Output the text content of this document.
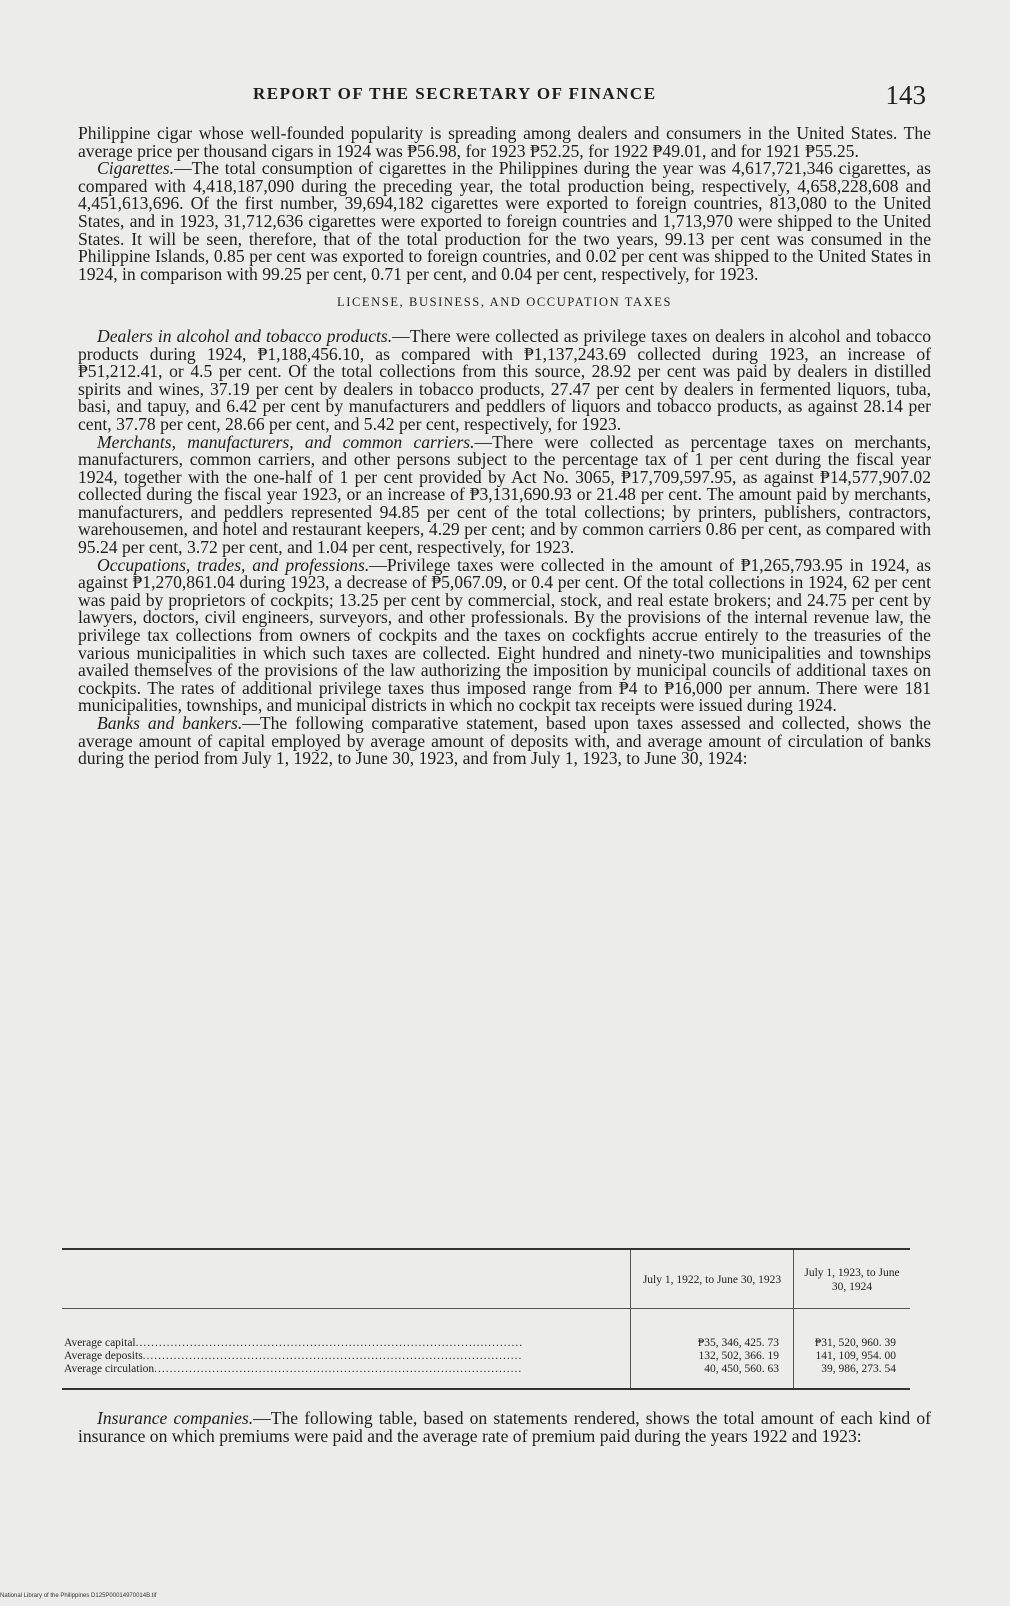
REPORT OF THE SECRETARY OF FINANCE	143

Philippine cigar whose well-founded popularity is spreading among dealers and consumers in the United States. The average price per thousand cigars in 1924 was ₱56.98, for 1923 ₱52.25, for 1922 ₱49.01, and for 1921 ₱55.25.

Cigarettes.—The total consumption of cigarettes in the Philippines during the year was 4,617,721,346 cigarettes, as compared with 4,418,187,090 during the preceding year, the total production being, respectively, 4,658,228,608 and 4,451,613,696. Of the first number, 39,694,182 cigarettes were exported to foreign countries, 813,080 to the United States, and in 1923, 31,712,636 cigarettes were exported to foreign countries and 1,713,970 were shipped to the United States. It will be seen, therefore, that of the total production for the two years, 99.13 per cent was consumed in the Philippine Islands, 0.85 per cent was exported to foreign countries, and 0.02 per cent was shipped to the United States in 1924, in comparison with 99.25 per cent, 0.71 per cent, and 0.04 per cent, respectively, for 1923.

LICENSE, BUSINESS, AND OCCUPATION TAXES

Dealers in alcohol and tobacco products.—There were collected as privilege taxes on dealers in alcohol and tobacco products during 1924, ₱1,188,456.10, as compared with ₱1,137,243.69 collected during 1923, an increase of ₱51,212.41, or 4.5 per cent. Of the total collections from this source, 28.92 per cent was paid by dealers in distilled spirits and wines, 37.19 per cent by dealers in tobacco products, 27.47 per cent by dealers in fermented liquors, tuba, basi, and tapuy, and 6.42 per cent by manufacturers and peddlers of liquors and tobacco products, as against 28.14 per cent, 37.78 per cent, 28.66 per cent, and 5.42 per cent, respectively, for 1923.

Merchants, manufacturers, and common carriers.—There were collected as percentage taxes on merchants, manufacturers, common carriers, and other persons subject to the percentage tax of 1 per cent during the fiscal year 1924, together with the one-half of 1 per cent provided by Act No. 3065, ₱17,709,597.95, as against ₱14,577,907.02 collected during the fiscal year 1923, or an increase of ₱3,131,690.93 or 21.48 per cent. The amount paid by merchants, manufacturers, and peddlers represented 94.85 per cent of the total collections; by printers, publishers, contractors, warehousemen, and hotel and restaurant keepers, 4.29 per cent; and by common carriers 0.86 per cent, as compared with 95.24 per cent, 3.72 per cent, and 1.04 per cent, respectively, for 1923.

Occupations, trades, and professions.—Privilege taxes were collected in the amount of ₱1,265,793.95 in 1924, as against ₱1,270,861.04 during 1923, a decrease of ₱5,067.09, or 0.4 per cent. Of the total collections in 1924, 62 per cent was paid by proprietors of cockpits; 13.25 per cent by commercial, stock, and real estate brokers; and 24.75 per cent by lawyers, doctors, civil engineers, surveyors, and other professionals. By the provisions of the internal revenue law, the privilege tax collections from owners of cockpits and the taxes on cockfights accrue entirely to the treasuries of the various municipalities in which such taxes are collected. Eight hundred and ninety-two municipalities and townships availed themselves of the provisions of the law authorizing the imposition by municipal councils of additional taxes on cockpits. The rates of additional privilege taxes thus imposed range from ₱4 to ₱16,000 per annum. There were 181 municipalities, townships, and municipal districts in which no cockpit tax receipts were issued during 1924.

Banks and bankers.—The following comparative statement, based upon taxes assessed and collected, shows the average amount of capital employed by average amount of deposits with, and average amount of circulation of banks during the period from July 1, 1922, to June 30, 1923, and from July 1, 1923, to June 30, 1924:

	July 1, 1922, to June 30, 1923	July 1, 1923, to June 30, 1924
Average capital....................................................................................................	₱35, 346, 425. 73	₱31, 520, 960. 39
Average deposits..................................................................................................	132, 502, 366. 19	141, 109, 954. 00
Average circulation...............................................................................................	40, 450, 560. 63	39, 986, 273. 54

Insurance companies.—The following table, based on statements rendered, shows the total amount of each kind of insurance on which premiums were paid and the average rate of premium paid during the years 1922 and 1923:

National Library of the Philippines D125P00014970014B.tif
